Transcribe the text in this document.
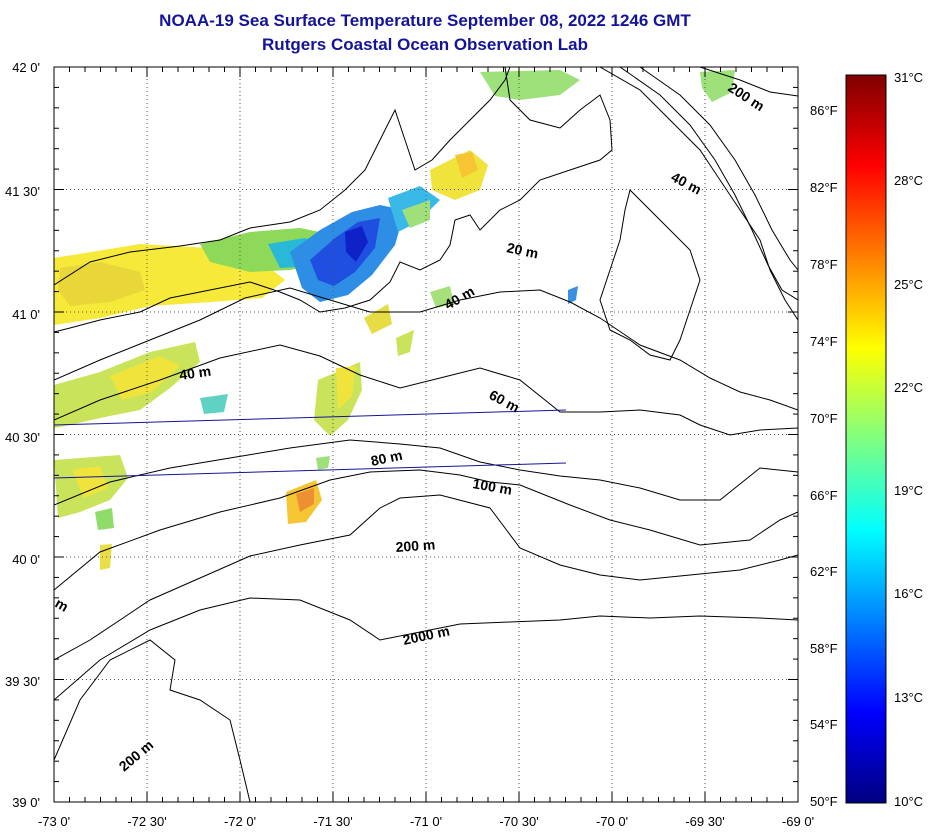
NOAA-19 Sea Surface Temperature September 08, 2022 1246 GMT
Rutgers Coastal Ocean Observation Lab
200 m
40 m
20 m
40 m
40 m
60 m
80 m
100 m
200 m
2000 m
200 m
m
-73 0'	-72 30'	-72 0'	-71 30'	-71 0'	-70 30'	-70 0'	-69 30'	-69 0'
42 0'
41 30'
41 0'
40 30'
40 0'
39 30'
39 0'
31°C
28°C
25°C
22°C
19°C
16°C
13°C
10°C
86°F
82°F
78°F
74°F
70°F
66°F
62°F
58°F
54°F
50°F
